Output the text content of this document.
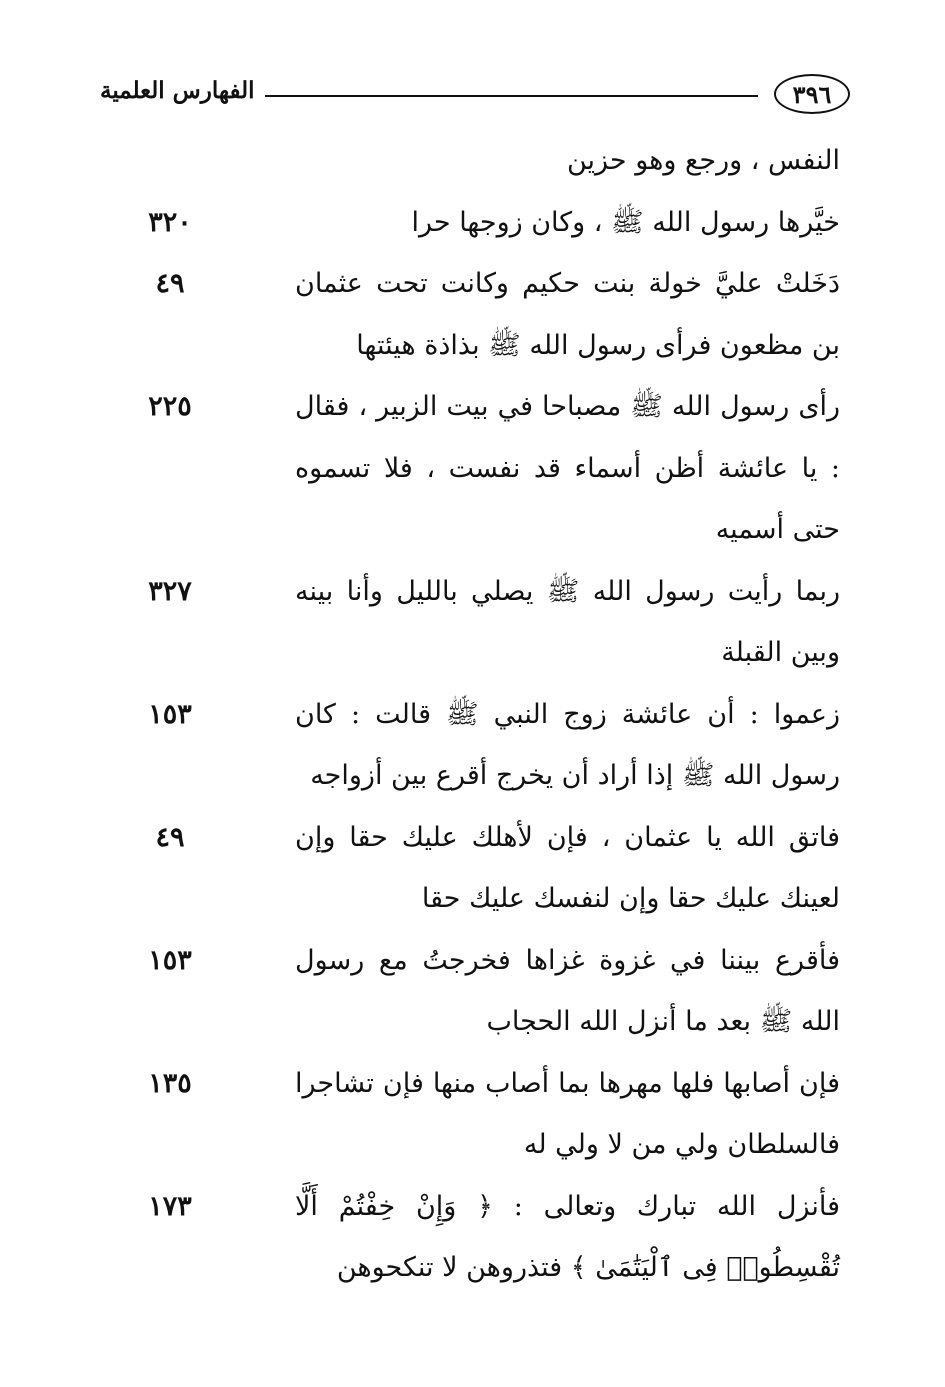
٣٩٦
الفهارس العلمية
النفس ، ورجع وهو حزين
خيَّرها رسول الله ﷺ ، وكان زوجها حرا
٣٢٠
دَخَلتْ عليَّ خولة بنت حكيم وكانت تحت عثمان بن مظعون فرأى رسول الله ﷺ بذاذة هيئتها
٤٩
رأى رسول الله ﷺ مصباحا في بيت الزبير ، فقال : يا عائشة أظن أسماء قد نفست ، فلا تسموه حتى أسميه
٢٢٥
ربما رأيت رسول الله ﷺ يصلي بالليل وأنا بينه وبين القبلة
٣٢٧
زعموا : أن عائشة زوج النبي ﷺ قالت : كان رسول الله ﷺ إذا أراد أن يخرج أقرع بين أزواجه
١٥٣
فاتق الله يا عثمان ، فإن لأهلك عليك حقا وإن لعينك عليك حقا وإن لنفسك عليك حقا
٤٩
فأقرع بيننا في غزوة غزاها فخرجتُ مع رسول الله ﷺ بعد ما أنزل الله الحجاب
١٥٣
فإن أصابها فلها مهرها بما أصاب منها فإن تشاجرا فالسلطان ولي من لا ولي له
١٣٥
فأنزل الله تبارك وتعالى : ﴿ وَإِنْ خِفْتُمْ أَلَّا تُقْسِطُوا۟ فِى ٱلْيَتَٰمَىٰ ﴾ فتذروهن لا تنكحوهن
١٧٣
